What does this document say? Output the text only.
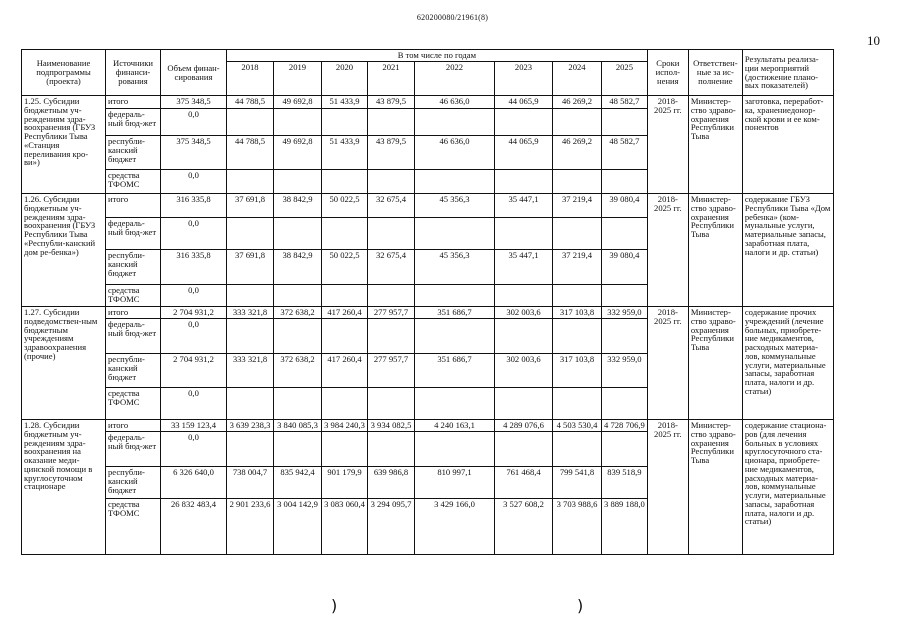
620200080/21961(8)
10
Наименование подпрограммы (проекта)	Источники финанси-рования	Объем финан-сирования	В том числе по годам								Сроки испол-нения	Ответствен-ные за ис-полнение	Результаты реализа-ции мероприятий (достижение плано-вых показателей)
			2018	2019	2020	2021	2022	2023	2024	2025			
1.25. Субсидии бюджетным уч-реждениям здра-воохранения (ГБУЗ Республики Тыва «Станция переливания кро-ви»)	итого	375 348,5	44 788,5	49 692,8	51 433,9	43 879,5	46 636,0	44 065,9	46 269,2	48 582,7	2018-2025 гг.	Министер-ство здраво-охранения Республики Тыва	заготовка, переработ-ка, хранениедонор-ской крови и ее ком-понентов
	федераль-ный бюд-жет	0,0											
	республи-канский бюджет	375 348,5	44 788,5	49 692,8	51 433,9	43 879,5	46 636,0	44 065,9	46 269,2	48 582,7			
	средства ТФОМС	0,0											
1.26. Субсидии бюджетным уч-реждениям здра-воохранения (ГБУЗ Республики Тыва «Республи-канский дом ре-бенка»)	итого	316 335,8	37 691,8	38 842,9	50 022,5	32 675,4	45 356,3	35 447,1	37 219,4	39 080,4	2018-2025 гг.	Министер-ство здраво-охранения Республики Тыва	содержание ГБУЗ Республики Тыва «Дом ребенка» (ком-мунальные услуги, материальные запасы, заработная плата, налоги и др. статьи)
	федераль-ный бюд-жет	0,0											
	республи-канский бюджет	316 335,8	37 691,8	38 842,9	50 022,5	32 675,4	45 356,3	35 447,1	37 219,4	39 080,4			
	средства ТФОМС	0,0											
1.27. Субсидии подведомствен-ным бюджетным учреждениям здравоохранения (прочие)	итого	2 704 931,2	333 321,8	372 638,2	417 260,4	277 957,7	351 686,7	302 003,6	317 103,8	332 959,0	2018-2025 гг.	Министер-ство здраво-охранения Республики Тыва	содержание прочих учреждений (лечение больных, приобрете-ние медикаментов, расходных материа-лов, коммунальные услуги, материальные запасы, заработная плата, налоги и др. статьи)
	федераль-ный бюд-жет	0,0											
	республи-канский бюджет	2 704 931,2	333 321,8	372 638,2	417 260,4	277 957,7	351 686,7	302 003,6	317 103,8	332 959,0			
	средства ТФОМС	0,0											
1.28. Субсидии бюджетным уч-реждениям здра-воохранения на оказание меди-цинской помощи в круглосуточном стационаре	итого	33 159 123,4	3 639 238,3	3 840 085,3	3 984 240,3	3 934 082,5	4 240 163,1	4 289 076,6	4 503 530,4	4 728 706,9	2018-2025 гг.	Министер-ство здраво-охранения Республики Тыва	содержание стациона-ров (для лечения больных в условиях круглосуточного ста-ционара, приобрете-ние медикаментов, расходных материа-лов, коммунальные услуги, материальные запасы, заработная плата, налоги и др. статьи)
	федераль-ный бюд-жет	0,0											
	республи-канский бюджет	6 326 640,0	738 004,7	835 942,4	901 179,9	639 986,8	810 997,1	761 468,4	799 541,8	839 518,9			
	средства ТФОМС	26 832 483,4	2 901 233,6	3 004 142,9	3 083 060,4	3 294 095,7	3 429 166,0	3 527 608,2	3 703 988,6	3 889 188,0			
)	)
